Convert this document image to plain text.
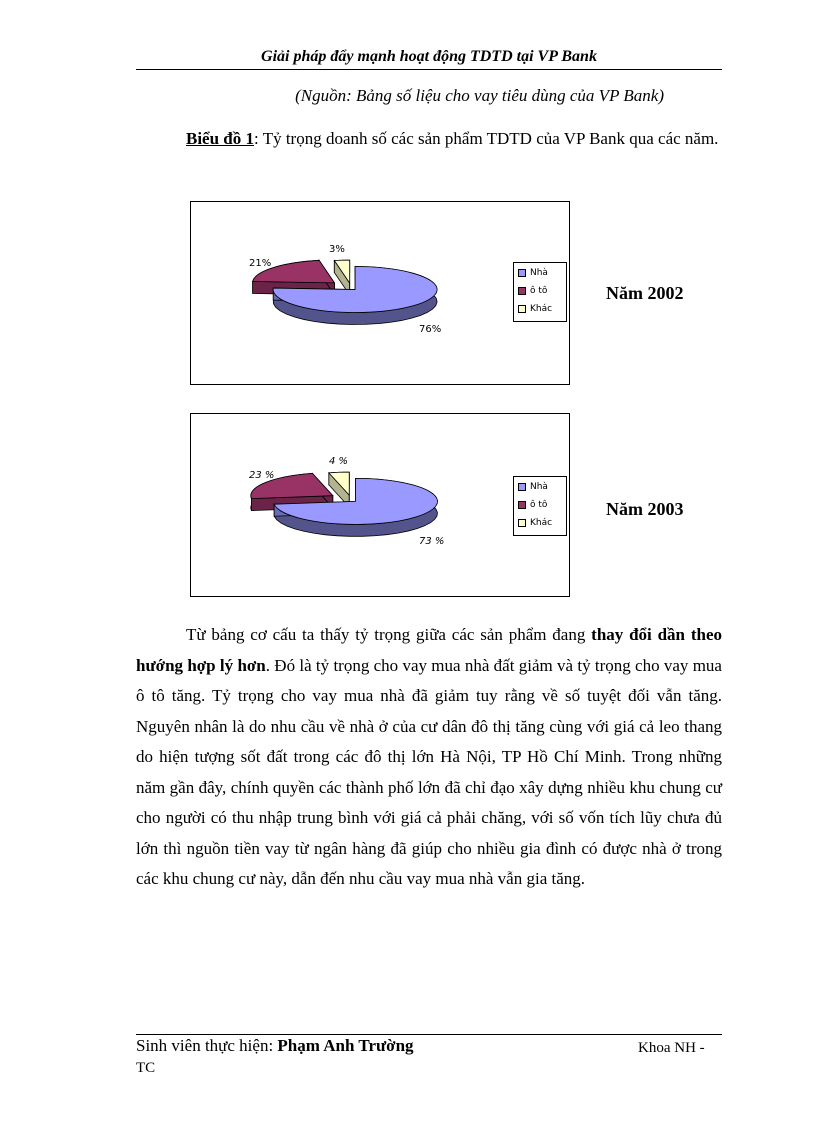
Giải pháp đẩy mạnh hoạt động TDTD tại VP Bank
(Nguồn: Bảng số liệu cho vay tiêu dùng của VP Bank)
Biểu đồ 1: Tỷ trọng doanh số các sản phẩm TDTD của VP Bank qua các năm.
76%
21%
3%
Nhà
ô tô
Khác
Năm 2002
73 %
23 %
4 %
Nhà
ô tô
Khác
Năm 2003
Từ bảng cơ cấu ta thấy tỷ trọng giữa các sản phẩm đang thay đổi dần theo hướng hợp lý hơn. Đó là tỷ trọng cho vay mua nhà đất giảm và tỷ trọng cho vay mua ô tô tăng. Tỷ trọng cho vay mua nhà đã giảm tuy rằng về số tuyệt đối vẫn tăng. Nguyên nhân là do nhu cầu về nhà ở của cư dân đô thị tăng cùng với giá cả leo thang do hiện tượng sốt đất trong các đô thị lớn Hà Nội, TP Hồ Chí Minh. Trong những năm gần đây, chính quyền các thành phố lớn đã chỉ đạo xây dựng nhiều khu chung cư cho người có thu nhập trung bình với giá cả phải chăng, với số vốn tích lũy chưa đủ lớn thì nguồn tiền vay từ ngân hàng đã giúp cho nhiều gia đình có được nhà ở trong các khu chung cư này, dẫn đến nhu cầu vay mua nhà vẫn gia tăng.
Sinh viên thực hiện: Phạm Anh Trường	Khoa NH -
TC
